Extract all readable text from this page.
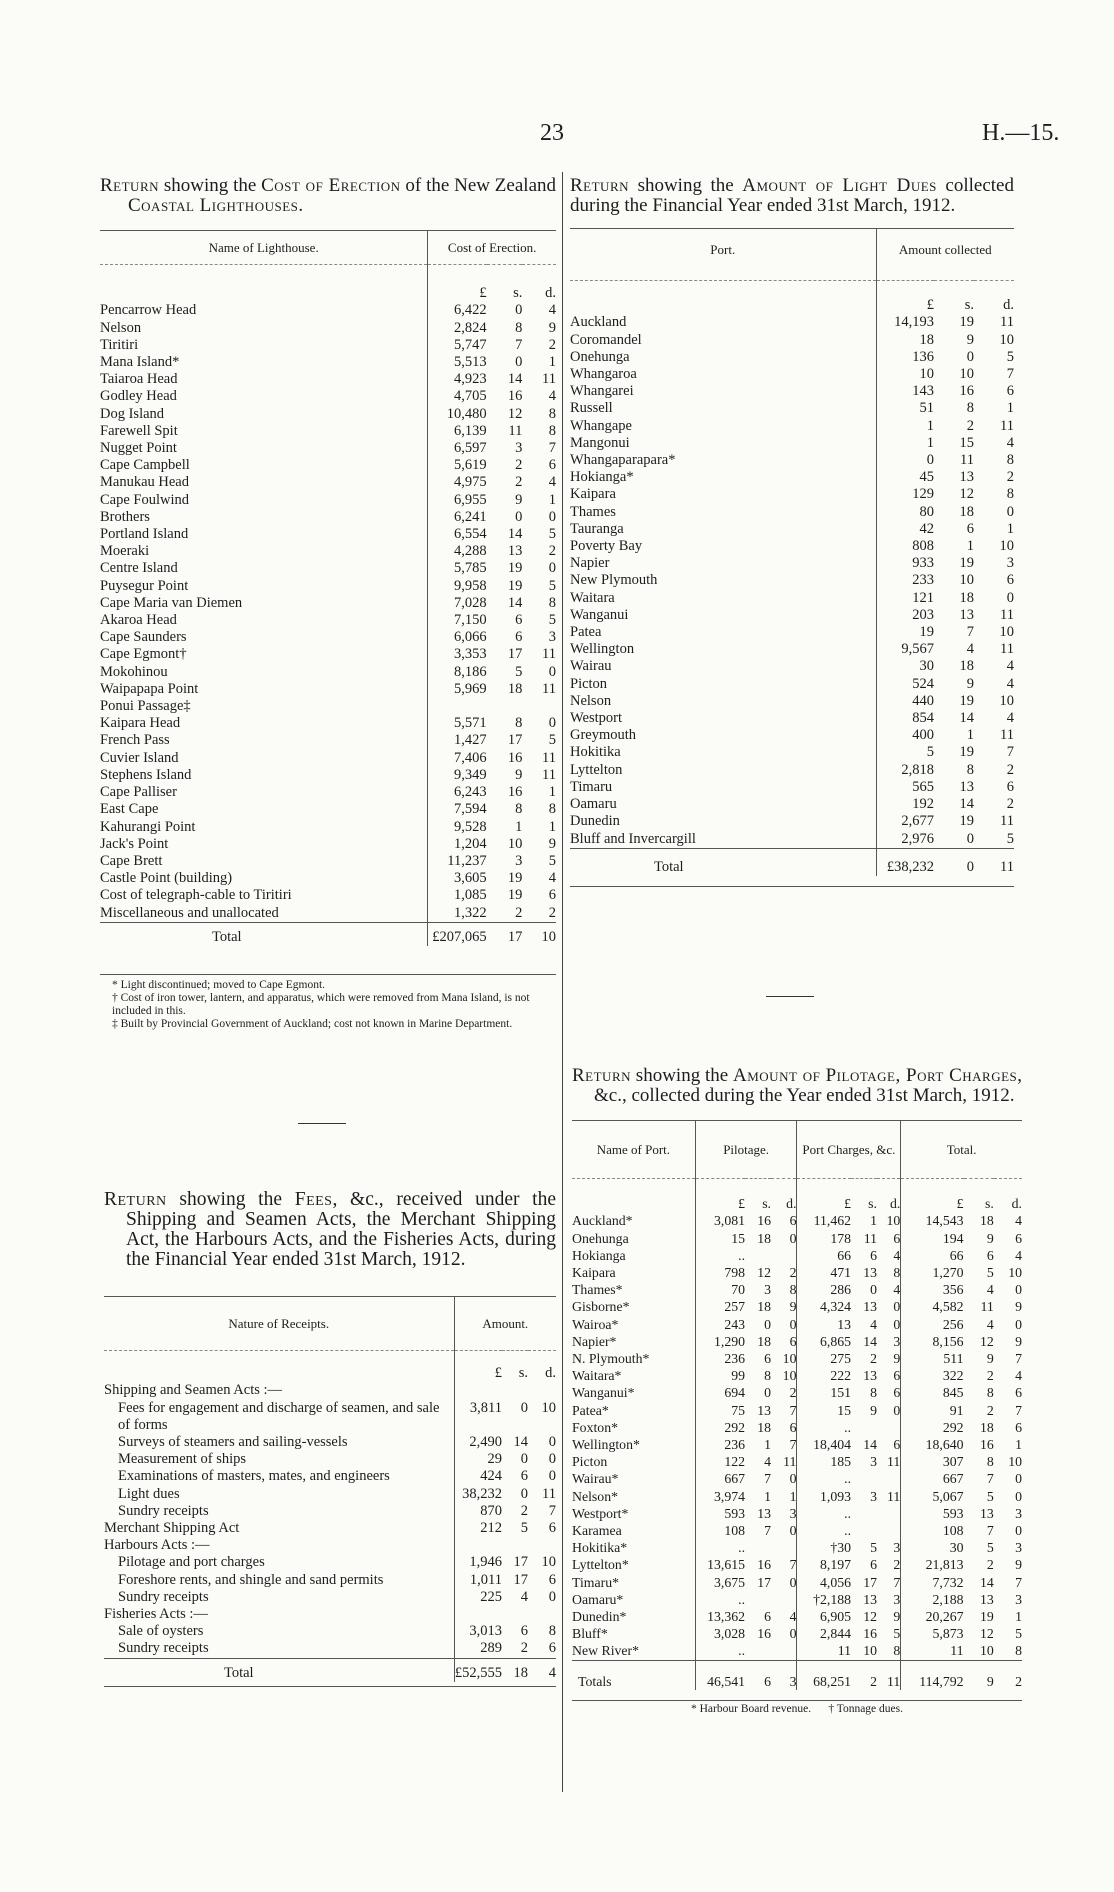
23	H.—15.
Return showing the Cost of Erection of the New Zealand Coastal Lighthouses.
Name of Lighthouse.	Cost of Erection.		
	£	s.	d.
Pencarrow Head	6,422	0	4
Nelson	2,824	8	9
Tiritiri	5,747	7	2
Mana Island*	5,513	0	1
Taiaroa Head	4,923	14	11
Godley Head	4,705	16	4
Dog Island	10,480	12	8
Farewell Spit	6,139	11	8
Nugget Point	6,597	3	7
Cape Campbell	5,619	2	6
Manukau Head	4,975	2	4
Cape Foulwind	6,955	9	1
Brothers	6,241	0	0
Portland Island	6,554	14	5
Moeraki	4,288	13	2
Centre Island	5,785	19	0
Puysegur Point	9,958	19	5
Cape Maria van Diemen	7,028	14	8
Akaroa Head	7,150	6	5
Cape Saunders	6,066	6	3
Cape Egmont†	3,353	17	11
Mokohinou	8,186	5	0
Waipapapa Point	5,969	18	11
Ponui Passage‡			
Kaipara Head	5,571	8	0
French Pass	1,427	17	5
Cuvier Island	7,406	16	11
Stephens Island	9,349	9	11
Cape Palliser	6,243	16	1
East Cape	7,594	8	8
Kahurangi Point	9,528	1	1
Jack's Point	1,204	10	9
Cape Brett	11,237	3	5
Castle Point (building)	3,605	19	4
Cost of telegraph-cable to Tiritiri	1,085	19	6
Miscellaneous and unallocated	1,322	2	2
Total	£207,065	17	10
* Light discontinued; moved to Cape Egmont.
† Cost of iron tower, lantern, and apparatus, which were removed from Mana Island, is not included in this.
‡ Built by Provincial Government of Auckland; cost not known in Marine Department.
Return showing the Fees, &c., received under the Shipping and Seamen Acts, the Merchant Shipping Act, the Harbours Acts, and the Fisheries Acts, during the Financial Year ended 31st March, 1912.
Nature of Receipts.	Amount.		
	£	s.	d.
Shipping and Seamen Acts :—			
Fees for engagement and discharge of seamen, and sale of forms	3,811	0	10
Surveys of steamers and sailing-vessels	2,490	14	0
Measurement of ships	29	0	0
Examinations of masters, mates, and engineers	424	6	0
Light dues	38,232	0	11
Sundry receipts	870	2	7
Merchant Shipping Act	212	5	6
Harbours Acts :—			
Pilotage and port charges	1,946	17	10
Foreshore rents, and shingle and sand permits	1,011	17	6
Sundry receipts	225	4	0
Fisheries Acts :—			
Sale of oysters	3,013	6	8
Sundry receipts	289	2	6
Total	£52,555	18	4
Return showing the Amount of Light Dues collected during the Financial Year ended 31st March, 1912.
Port.	Amount collected		
	£	s.	d.
Auckland	14,193	19	11
Coromandel	18	9	10
Onehunga	136	0	5
Whangaroa	10	10	7
Whangarei	143	16	6
Russell	51	8	1
Whangape	1	2	11
Mangonui	1	15	4
Whangaparapara*	0	11	8
Hokianga*	45	13	2
Kaipara	129	12	8
Thames	80	18	0
Tauranga	42	6	1
Poverty Bay	808	1	10
Napier	933	19	3
New Plymouth	233	10	6
Waitara	121	18	0
Wanganui	203	13	11
Patea	19	7	10
Wellington	9,567	4	11
Wairau	30	18	4
Picton	524	9	4
Nelson	440	19	10
Westport	854	14	4
Greymouth	400	1	11
Hokitika	5	19	7
Lyttelton	2,818	8	2
Timaru	565	13	6
Oamaru	192	14	2
Dunedin	2,677	19	11
Bluff and Invercargill	2,976	0	5
Total	£38,232	0	11
Return showing the Amount of Pilotage, Port Charges, &c., collected during the Year ended 31st March, 1912.
Name of Port.	Pilotage.			Port Charges, &c.			Total.		
	£	s.	d.	£	s.	d.	£	s.	d.
Auckland*	3,081	16	6	11,462	1	10	14,543	18	4
Onehunga	15	18	0	178	11	6	194	9	6
Hokianga	..			66	6	4	66	6	4
Kaipara	798	12	2	471	13	8	1,270	5	10
Thames*	70	3	8	286	0	4	356	4	0
Gisborne*	257	18	9	4,324	13	0	4,582	11	9
Wairoa*	243	0	0	13	4	0	256	4	0
Napier*	1,290	18	6	6,865	14	3	8,156	12	9
N. Plymouth*	236	6	10	275	2	9	511	9	7
Waitara*	99	8	10	222	13	6	322	2	4
Wanganui*	694	0	2	151	8	6	845	8	6
Patea*	75	13	7	15	9	0	91	2	7
Foxton*	292	18	6	..			292	18	6
Wellington*	236	1	7	18,404	14	6	18,640	16	1
Picton	122	4	11	185	3	11	307	8	10
Wairau*	667	7	0	..			667	7	0
Nelson*	3,974	1	1	1,093	3	11	5,067	5	0
Westport*	593	13	3	..			593	13	3
Karamea	108	7	0	..			108	7	0
Hokitika*	..			†30	5	3	30	5	3
Lyttelton*	13,615	16	7	8,197	6	2	21,813	2	9
Timaru*	3,675	17	0	4,056	17	7	7,732	14	7
Oamaru*	..			†2,188	13	3	2,188	13	3
Dunedin*	13,362	6	4	6,905	12	9	20,267	19	1
Bluff*	3,028	16	0	2,844	16	5	5,873	12	5
New River*	..			11	10	8	11	10	8
Totals	46,541	6	3	68,251	2	11	114,792	9	2
* Harbour Board revenue.      † Tonnage dues.
